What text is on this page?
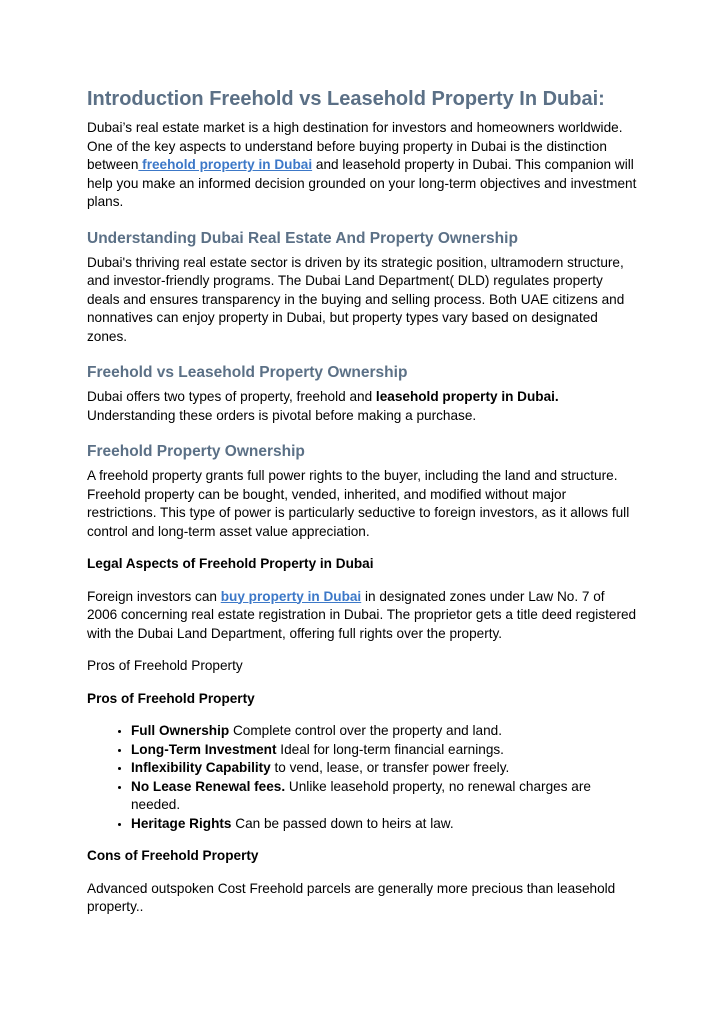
Introduction Freehold vs Leasehold Property In Dubai:

Dubai’s real estate market is a high destination for investors and homeowners worldwide. One of the key aspects to understand before buying property in Dubai is the distinction between freehold property in Dubai and leasehold property in Dubai. This companion will help you make an informed decision grounded on your long-term objectives and investment plans.

Understanding Dubai Real Estate And Property Ownership

Dubai's thriving real estate sector is driven by its strategic position, ultramodern structure, and investor-friendly programs. The Dubai Land Department( DLD) regulates property deals and ensures transparency in the buying and selling process. Both UAE citizens and nonnatives can enjoy property in Dubai, but property types vary based on designated zones.

Freehold vs Leasehold Property Ownership

Dubai offers two types of property, freehold and leasehold property in Dubai. Understanding these orders is pivotal before making a purchase.

Freehold Property Ownership

A freehold property grants full power rights to the buyer, including the land and structure. Freehold property can be bought, vended, inherited, and modified without major restrictions. This type of power is particularly seductive to foreign investors, as it allows full control and long-term asset value appreciation.

Legal Aspects of Freehold Property in Dubai

Foreign investors can buy property in Dubai in designated zones under Law No. 7 of 2006 concerning real estate registration in Dubai. The proprietor gets a title deed registered with the Dubai Land Department, offering full rights over the property.

Pros of Freehold Property

Pros of Freehold Property

• Full Ownership Complete control over the property and land.
• Long-Term Investment Ideal for long-term financial earnings.
• Inflexibility Capability to vend, lease, or transfer power freely.
• No Lease Renewal fees. Unlike leasehold property, no renewal charges are needed.
• Heritage Rights Can be passed down to heirs at law.

Cons of Freehold Property

Advanced outspoken Cost Freehold parcels are generally more precious than leasehold property..
